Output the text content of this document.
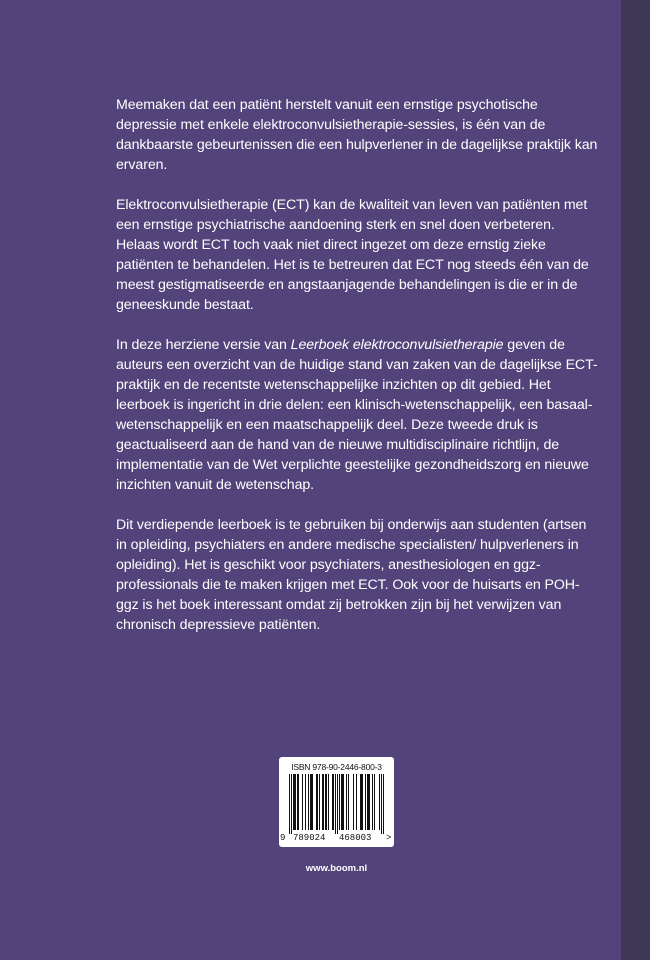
Meemaken dat een patiënt herstelt vanuit een ernstige psychotische depressie met enkele elektroconvulsietherapie-sessies, is één van de dankbaarste gebeurtenissen die een hulpverlener in de dagelijkse praktijk kan ervaren.

Elektroconvulsietherapie (ECT) kan de kwaliteit van leven van patiënten met een ernstige psychiatrische aandoening sterk en snel doen verbeteren. Helaas wordt ECT toch vaak niet direct ingezet om deze ernstig zieke patiënten te behandelen. Het is te betreuren dat ECT nog steeds één van de meest gestigmatiseerde en angstaanjagende behandelingen is die er in de geneeskunde bestaat.

In deze herziene versie van Leerboek elektroconvulsietherapie geven de auteurs een overzicht van de huidige stand van zaken van de dagelijkse ECT-praktijk en de recentste wetenschappelijke inzichten op dit gebied. Het leerboek is ingericht in drie delen: een klinisch-wetenschappelijk, een basaal-wetenschappelijk en een maatschappelijk deel. Deze tweede druk is geactualiseerd aan de hand van de nieuwe multidisciplinaire richtlijn, de implementatie van de Wet verplichte geestelijke gezondheidszorg en nieuwe inzichten vanuit de wetenschap.

Dit verdiepende leerboek is te gebruiken bij onderwijs aan studenten (artsen in opleiding, psychiaters en andere medische specialisten/ hulpverleners in opleiding). Het is geschikt voor psychiaters, anesthesiologen en ggz-professionals die te maken krijgen met ECT. Ook voor de huisarts en POH-ggz is het boek interessant omdat zij betrokken zijn bij het verwijzen van chronisch depressieve patiënten.

ISBN 978-90-2446-800-3
9 789024 468003 >
www.boom.nl
